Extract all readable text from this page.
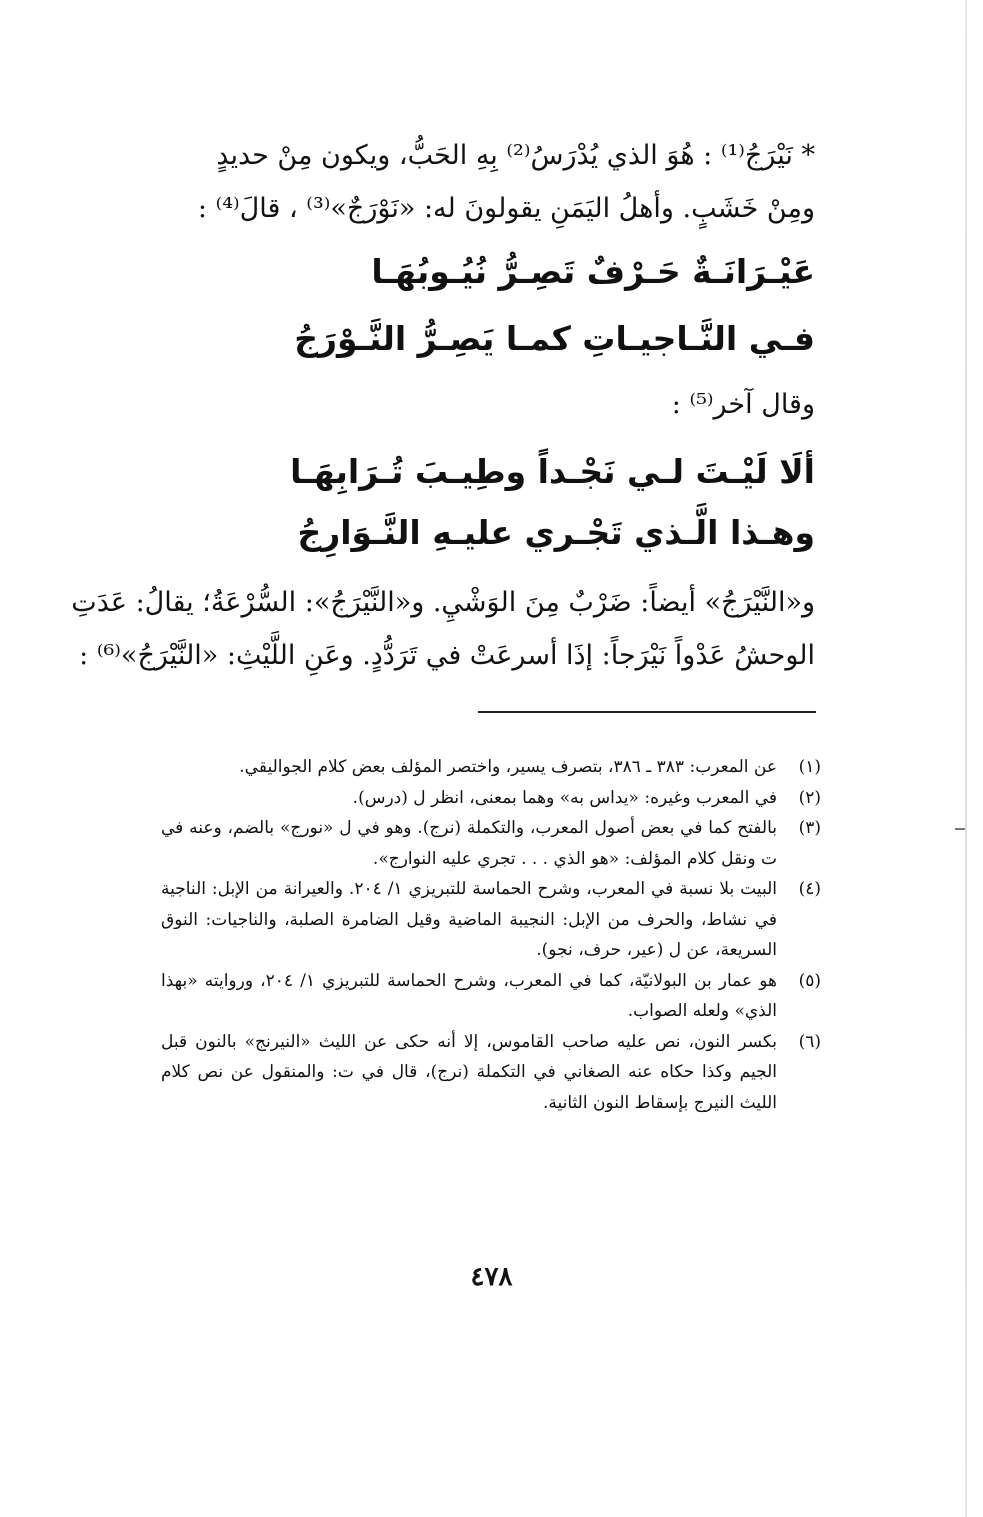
* نَيْرَجُ⁽¹⁾ : هُوَ الذي يُدْرَسُ⁽²⁾ بِهِ الحَبُّ، ويكون مِنْ حديدٍ
ومِنْ خَشَبٍ. وأهلُ اليَمَنِ يقولونَ له: «نَوْرَجٌ»⁽³⁾ ، قالَ⁽⁴⁾ :
عَيْـرَانَـةٌ حَـرْفٌ تَصِـرُّ نُيُـوبُهَـا
فـي النَّـاجيـاتِ كمـا يَصِـرُّ النَّـوْرَجُ
وقال آخر⁽⁵⁾ :
ألَا لَيْـتَ لـي نَجْـداً وطِيـبَ تُـرَابِهَـا
وهـذا الَّـذي تَجْـري عليـهِ النَّـوَارِجُ
و«النَّيْرَجُ» أيضاً: ضَرْبٌ مِنَ الوَشْيِ. و«النَّيْرَجُ»: السُّرْعَةُ؛ يقالُ: عَدَتِ
الوحشُ عَدْواً نَيْرَجاً: إذَا أسرعَتْ في تَرَدُّدٍ. وعَنِ اللَّيْثِ: «النَّيْرَجُ»⁽⁶⁾ :
(١)
عن المعرب: ٣٨٣ ـ ٣٨٦، بتصرف يسير، واختصر المؤلف بعض كلام الجواليقي.
(٢)
في المعرب وغيره: «يداس به» وهما بمعنى، انظر ل (درس).
(٣)
بالفتح كما في بعض أصول المعرب، والتكملة (نرج). وهو في ل «نورج» بالضم، وعنه في ت ونقل كلام المؤلف: «هو الذي . . . تجري عليه النوارج».
(٤)
البيت بلا نسبة في المعرب، وشرح الحماسة للتبريزي ١/ ٢٠٤. والعيرانة من الإبل: الناجية في نشاط، والحرف من الإبل: النجيبة الماضية وقيل الضامرة الصلبة، والناجيات: النوق السريعة، عن ل (عير، حرف، نجو).
(٥)
هو عمار بن البولانيّة، كما في المعرب، وشرح الحماسة للتبريزي ١/ ٢٠٤، وروايته «بهذا الذي» ولعله الصواب.
(٦)
بكسر النون، نص عليه صاحب القاموس، إلا أنه حكى عن الليث «النيرنج» بالنون قبل الجيم وكذا حكاه عنه الصغاني في التكملة (نرج)، قال في ت: والمنقول عن نص كلام الليث النيرج بإسقاط النون الثانية.
٤٧٨
